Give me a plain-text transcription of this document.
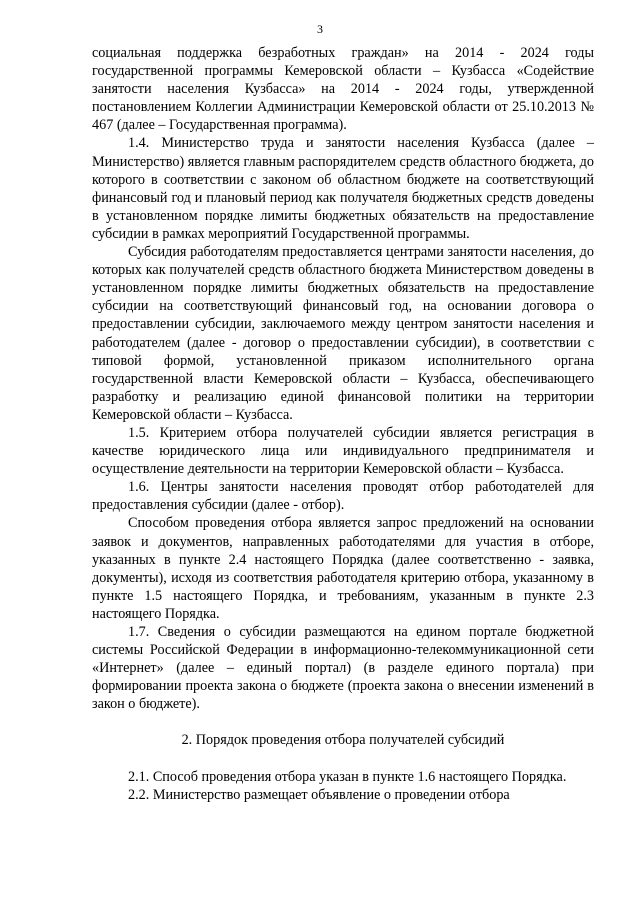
3

социальная поддержка безработных граждан» на 2014 - 2024 годы государственной программы Кемеровской области – Кузбасса «Содействие занятости населения Кузбасса» на 2014 - 2024 годы, утвержденной постановлением Коллегии Администрации Кемеровской области от 25.10.2013 № 467 (далее – Государственная программа).

1.4. Министерство труда и занятости населения Кузбасса (далее – Министерство) является главным распорядителем средств областного бюджета, до которого в соответствии с законом об областном бюджете на соответствующий финансовый год и плановый период как получателя бюджетных средств доведены в установленном порядке лимиты бюджетных обязательств на предоставление субсидии в рамках мероприятий Государственной программы.

Субсидия работодателям предоставляется центрами занятости населения, до которых как получателей средств областного бюджета Министерством доведены в установленном порядке лимиты бюджетных обязательств на предоставление субсидии на соответствующий финансовый год, на основании договора о предоставлении субсидии, заключаемого между центром занятости населения и работодателем (далее - договор о предоставлении субсидии), в соответствии с типовой формой, установленной приказом исполнительного органа государственной власти Кемеровской области – Кузбасса, обеспечивающего разработку и реализацию единой финансовой политики на территории Кемеровской области – Кузбасса.

1.5. Критерием отбора получателей субсидии является регистрация в качестве юридического лица или индивидуального предпринимателя и осуществление деятельности на территории Кемеровской области – Кузбасса.

1.6. Центры занятости населения проводят отбор работодателей для предоставления субсидии (далее - отбор).

Способом проведения отбора является запрос предложений на основании заявок и документов, направленных работодателями для участия в отборе, указанных в пункте 2.4 настоящего Порядка (далее соответственно - заявка, документы), исходя из соответствия работодателя критерию отбора, указанному в пункте 1.5 настоящего Порядка, и требованиям, указанным в пункте 2.3 настоящего Порядка.

1.7. Сведения о субсидии размещаются на едином портале бюджетной системы Российской Федерации в информационно-телекоммуникационной сети «Интернет» (далее – единый портал) (в разделе единого портала) при формировании проекта закона о бюджете (проекта закона о внесении изменений в закон о бюджете).

2. Порядок проведения отбора получателей субсидий

2.1. Способ проведения отбора указан в пункте 1.6 настоящего Порядка.

2.2. Министерство размещает объявление о проведении отбора
